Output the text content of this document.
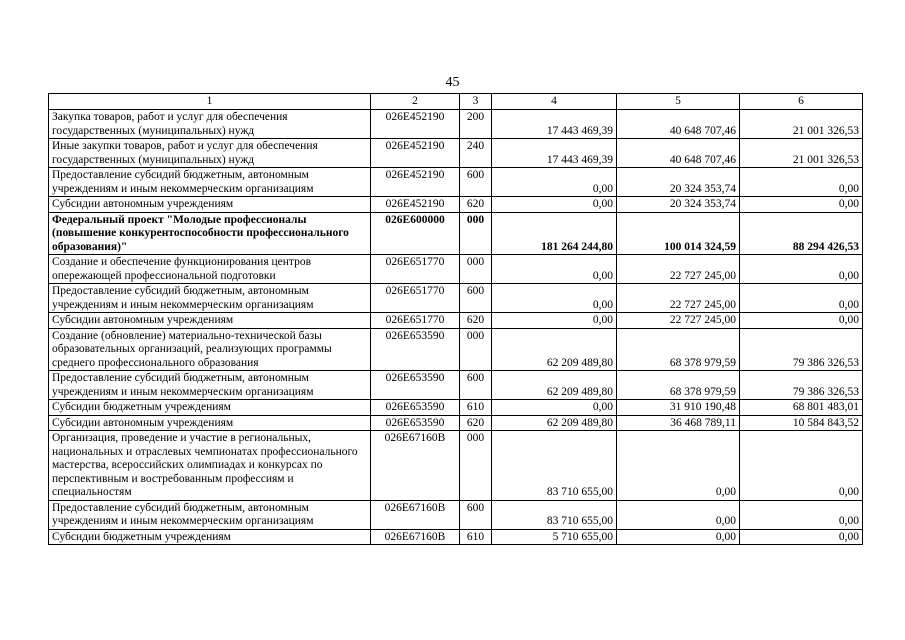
45
1	2	3	4	5	6
Закупка товаров, работ и услуг для обеспечения государственных (муниципальных) нужд	026Е452190	200	17 443 469,39	40 648 707,46	21 001 326,53
Иные закупки товаров, работ и услуг для обеспечения государственных (муниципальных) нужд	026Е452190	240	17 443 469,39	40 648 707,46	21 001 326,53
Предоставление субсидий бюджетным, автономным учреждениям и иным некоммерческим организациям	026Е452190	600	0,00	20 324 353,74	0,00
Субсидии автономным учреждениям	026Е452190	620	0,00	20 324 353,74	0,00
Федеральный проект "Молодые профессионалы (повышение конкурентоспособности профессионального образования)"	026Е600000	000	181 264 244,80	100 014 324,59	88 294 426,53
Создание и обеспечение функционирования центров опережающей профессиональной подготовки	026Е651770	000	0,00	22 727 245,00	0,00
Предоставление субсидий бюджетным, автономным учреждениям и иным некоммерческим организациям	026Е651770	600	0,00	22 727 245,00	0,00
Субсидии автономным учреждениям	026Е651770	620	0,00	22 727 245,00	0,00
Создание (обновление) материально-технической базы образовательных организаций, реализующих программы среднего профессионального образования	026Е653590	000	62 209 489,80	68 378 979,59	79 386 326,53
Предоставление субсидий бюджетным, автономным учреждениям и иным некоммерческим организациям	026Е653590	600	62 209 489,80	68 378 979,59	79 386 326,53
Субсидии бюджетным учреждениям	026Е653590	610	0,00	31 910 190,48	68 801 483,01
Субсидии автономным учреждениям	026Е653590	620	62 209 489,80	36 468 789,11	10 584 843,52
Организация, проведение и участие в региональных, национальных и отраслевых чемпионатах профессионального мастерства, всероссийских олимпиадах и конкурсах по перспективным и востребованным профессиям и специальностям	026Е67160В	000	83 710 655,00	0,00	0,00
Предоставление субсидий бюджетным, автономным учреждениям и иным некоммерческим организациям	026Е67160В	600	83 710 655,00	0,00	0,00
Субсидии бюджетным учреждениям	026Е67160В	610	5 710 655,00	0,00	0,00
